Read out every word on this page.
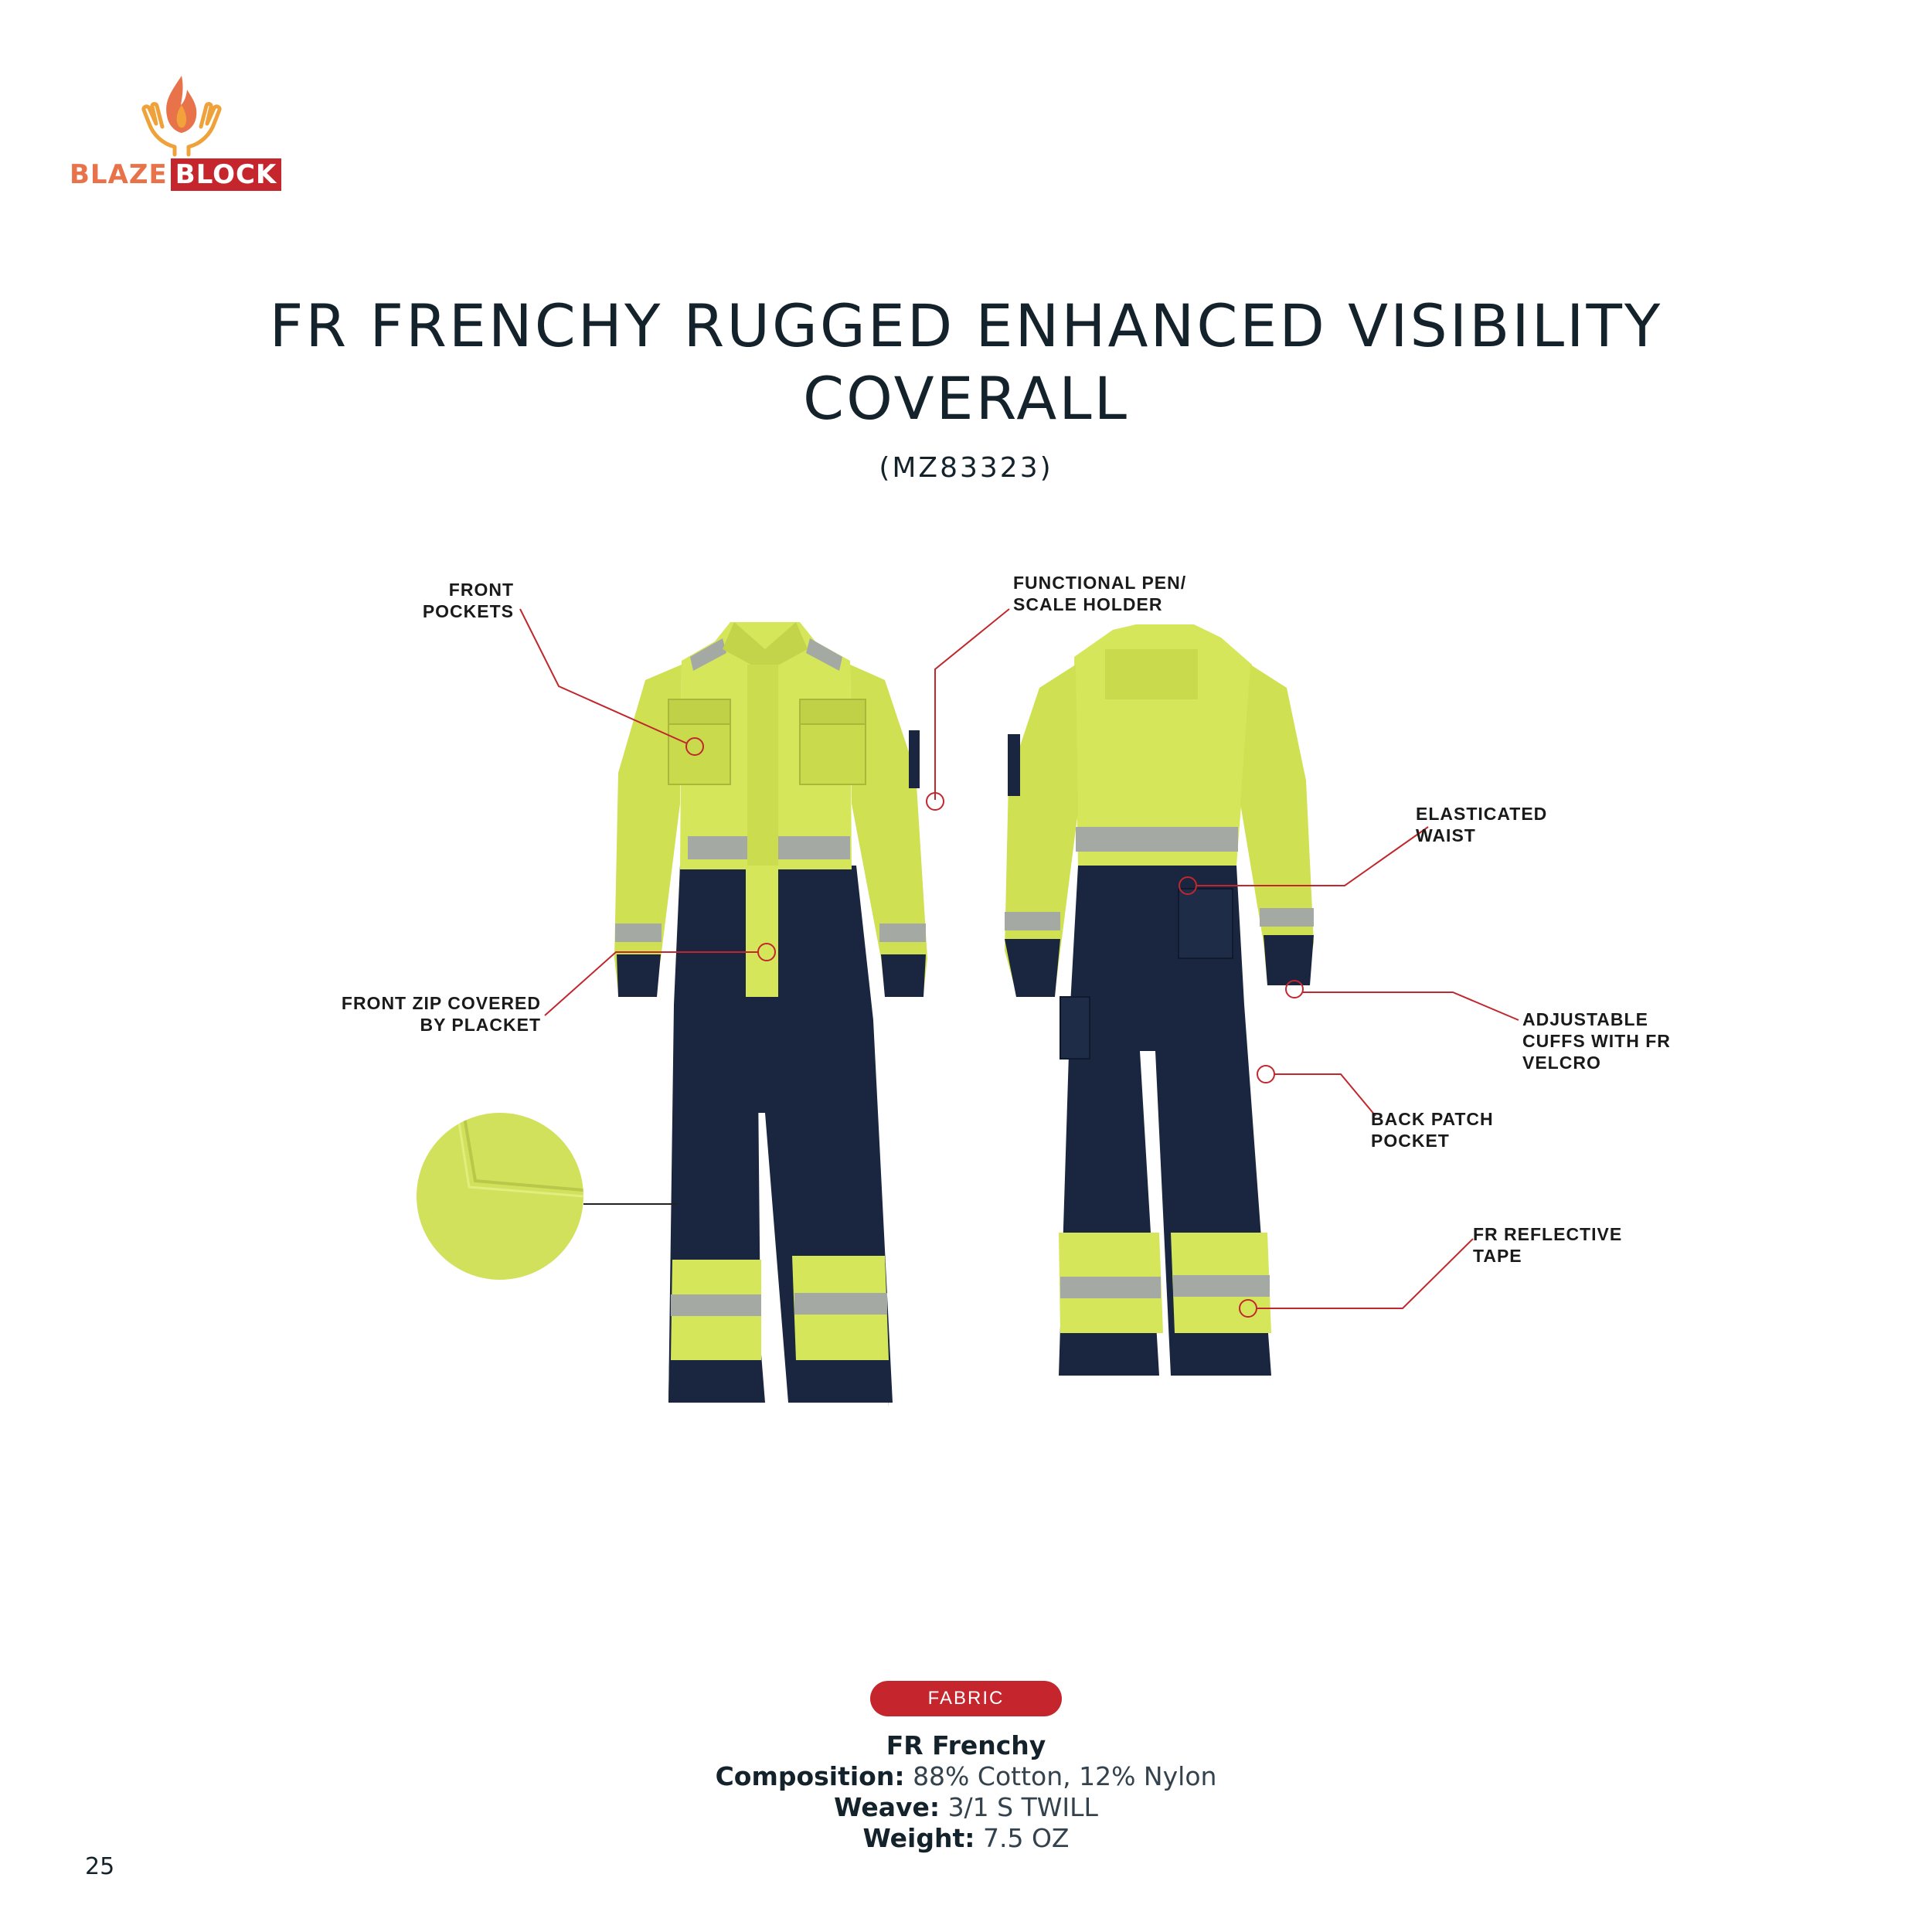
BLAZE BLOCK
FR FRENCHY RUGGED ENHANCED VISIBILITY
COVERALL
(MZ83323)
FRONT
POCKETS
FRONT ZIP COVERED
BY PLACKET
FUNCTIONAL PEN/
SCALE HOLDER
ELASTICATED
WAIST
ADJUSTABLE
CUFFS WITH FR
VELCRO
BACK PATCH
POCKET
FR REFLECTIVE
TAPE
FABRIC
FR Frenchy
Composition: 88% Cotton, 12% Nylon
Weave: 3/1 S TWILL
Weight: 7.5 OZ
25
